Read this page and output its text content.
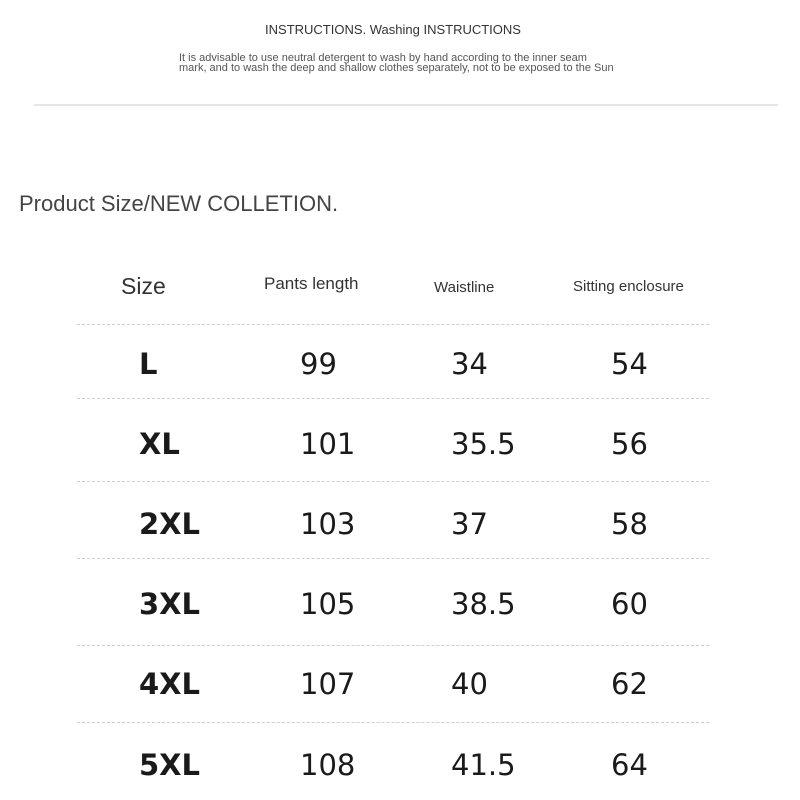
INSTRUCTIONS. Washing INSTRUCTIONS
It is advisable to use neutral detergent to wash by hand according to the inner seam
mark, and to wash the deep and shallow clothes separately, not to be exposed to the Sun
Product Size/NEW COLLETION.
Size	Pants length	Waistline	Sitting enclosure
L	99	34	54
XL	101	35.5	56
2XL	103	37	58
3XL	105	38.5	60
4XL	107	40	62
5XL	108	41.5	64
